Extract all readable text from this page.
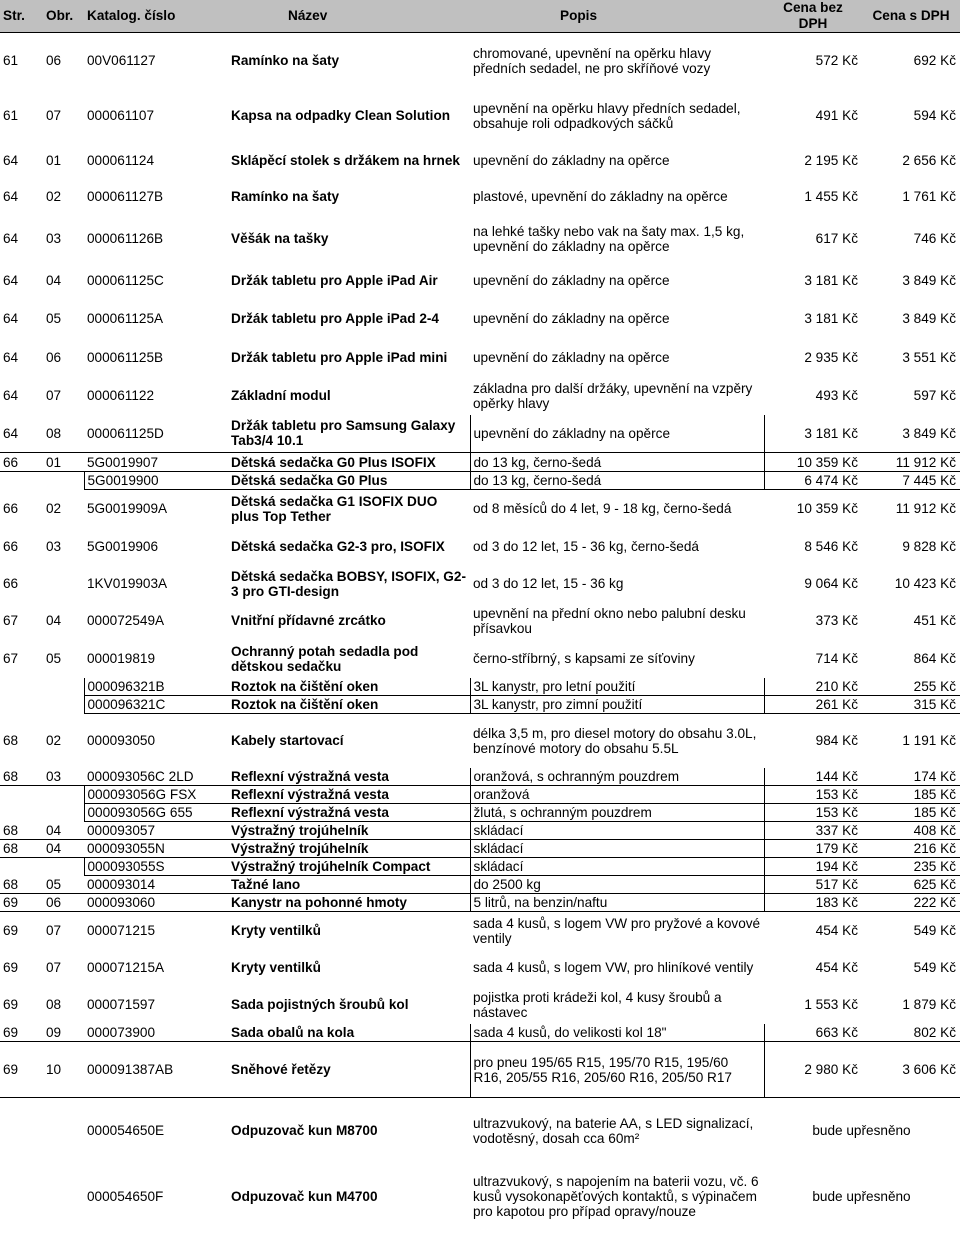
Str.	Obr.	Katalog. číslo	Název	Popis	Cena bez DPH	Cena s DPH
61	06	00V061127	Ramínko na šaty	chromované, upevnění na opěrku hlavy předních sedadel, ne pro skříňové vozy	572 Kč	692 Kč
61	07	000061107	Kapsa na odpadky Clean Solution	upevnění na opěrku hlavy předních sedadel, obsahuje roli odpadkových sáčků	491 Kč	594 Kč
64	01	000061124	Sklápěcí stolek s držákem na hrnek	upevnění do základny na opěrce	2 195 Kč	2 656 Kč
64	02	000061127B	Ramínko na šaty	plastové, upevnění do základny na opěrce	1 455 Kč	1 761 Kč
64	03	000061126B	Věšák na tašky	na lehké tašky nebo vak na šaty max. 1,5 kg, upevnění do základny na opěrce	617 Kč	746 Kč
64	04	000061125C	Držák tabletu pro Apple iPad Air	upevnění do základny na opěrce	3 181 Kč	3 849 Kč
64	05	000061125A	Držák tabletu pro Apple iPad 2-4	upevnění do základny na opěrce	3 181 Kč	3 849 Kč
64	06	000061125B	Držák tabletu pro Apple iPad mini	upevnění do základny na opěrce	2 935 Kč	3 551 Kč
64	07	000061122	Základní modul	základna pro další držáky, upevnění na vzpěry opěrky hlavy	493 Kč	597 Kč
64	08	000061125D	Držák tabletu pro Samsung Galaxy Tab3/4 10.1	upevnění do základny na opěrce	3 181 Kč	3 849 Kč
66	01	5G0019907	Dětská sedačka G0 Plus ISOFIX	do 13 kg, černo-šedá	10 359 Kč	11 912 Kč
		5G0019900	Dětská sedačka G0 Plus	do 13 kg, černo-šedá	6 474 Kč	7 445 Kč
66	02	5G0019909A	Dětská sedačka G1 ISOFIX DUO plus Top Tether	od 8 měsíců do 4 let, 9 - 18 kg, černo-šedá	10 359 Kč	11 912 Kč
66	03	5G0019906	Dětská sedačka G2-3 pro, ISOFIX	od 3 do 12 let, 15 - 36 kg, černo-šedá	8 546 Kč	9 828 Kč
66		1KV019903A	Dětská sedačka BOBSY, ISOFIX, G2-3 pro GTI-design	od 3 do 12 let, 15 - 36 kg	9 064 Kč	10 423 Kč
67	04	000072549A	Vnitřní přídavné zrcátko	upevnění na přední okno nebo palubní desku přísavkou	373 Kč	451 Kč
67	05	000019819	Ochranný potah sedadla pod dětskou sedačku	černo-stříbrný, s kapsami ze síťoviny	714 Kč	864 Kč
		000096321B	Roztok na čištění oken	3L kanystr, pro letní použití	210 Kč	255 Kč
		000096321C	Roztok na čištění oken	3L kanystr, pro zimní použití	261 Kč	315 Kč
68	02	000093050	Kabely startovací	délka 3,5 m, pro diesel motory do obsahu 3.0L, benzínové motory do obsahu 5.5L	984 Kč	1 191 Kč
68	03	000093056C 2LD	Reflexní výstražná vesta	oranžová, s ochranným pouzdrem	144 Kč	174 Kč
		000093056G FSX	Reflexní výstražná vesta	oranžová	153 Kč	185 Kč
		000093056G 655	Reflexní výstražná vesta	žlutá, s ochranným pouzdrem	153 Kč	185 Kč
68	04	000093057	Výstražný trojúhelník	skládací	337 Kč	408 Kč
68	04	000093055N	Výstražný trojúhelník	skládací	179 Kč	216 Kč
		000093055S	Výstražný trojúhelník Compact	skládací	194 Kč	235 Kč
68	05	000093014	Tažné lano	do 2500 kg	517 Kč	625 Kč
69	06	000093060	Kanystr na pohonné hmoty	5 litrů, na benzin/naftu	183 Kč	222 Kč
69	07	000071215	Kryty ventilků	sada 4 kusů, s logem VW pro pryžové a kovové ventily	454 Kč	549 Kč
69	07	000071215A	Kryty ventilků	sada 4 kusů, s logem VW, pro hliníkové ventily	454 Kč	549 Kč
69	08	000071597	Sada pojistných šroubů kol	pojistka proti krádeži kol, 4 kusy šroubů a nástavec	1 553 Kč	1 879 Kč
69	09	000073900	Sada obalů na kola	sada 4 kusů, do velikosti kol 18"	663 Kč	802 Kč
69	10	000091387AB	Sněhové řetězy	pro pneu 195/65 R15, 195/70 R15, 195/60 R16, 205/55 R16, 205/60 R16, 205/50 R17	2 980 Kč	3 606 Kč
		000054650E	Odpuzovač kun M8700	ultrazvukový, na baterie AA, s LED signalizací, vodotěsný, dosah cca 60m²	bude upřesněno	
		000054650F	Odpuzovač kun M4700	ultrazvukový, s napojením na baterii vozu, vč. 6 kusů vysokonapěťových kontaktů, s výpinačem pro kapotou pro případ opravy/nouze	bude upřesněno	
